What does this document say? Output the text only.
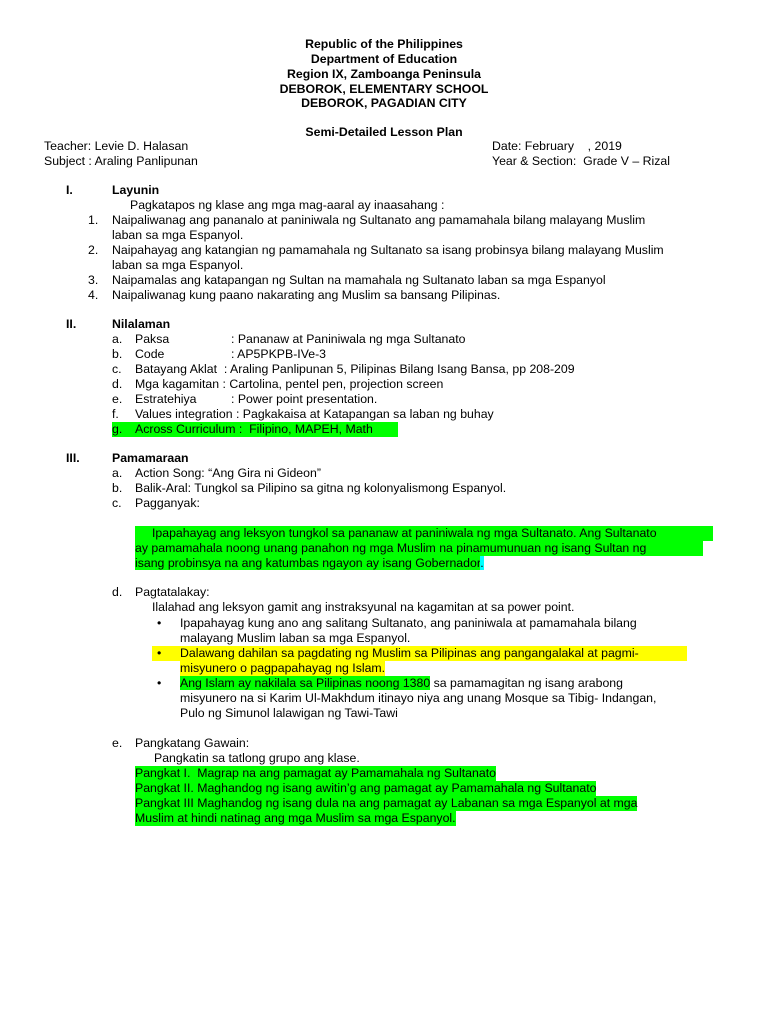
Republic of the Philippines
Department of Education
Region IX, Zamboanga Peninsula
DEBOROK, ELEMENTARY SCHOOL
DEBOROK, PAGADIAN CITY
Semi-Detailed Lesson Plan
Teacher: Levie D. Halasan	Date: February    , 2019
Subject : Araling Panlipunan	Year & Section:  Grade V – Rizal
I.	Layunin
Pagkatapos ng klase ang mga mag-aaral ay inaasahang :
1. Naipaliwanag ang pananalo at paniniwala ng Sultanato ang pamamahala bilang malayang Muslim
laban sa mga Espanyol.
2. Naipahayag ang katangian ng pamamahala ng Sultanato sa isang probinsya bilang malayang Muslim
laban sa mga Espanyol.
3. Naipamalas ang katapangan ng Sultan na mamahala ng Sultanato laban sa mga Espanyol
4. Naipaliwanag kung paano nakarating ang Muslim sa bansang Pilipinas.
II.	Nilalaman
a. Paksa	: Pananaw at Paniniwala ng mga Sultanato
b. Code	: AP5PKPB-IVe-3
c. Batayang Aklat  : Araling Panlipunan 5, Pilipinas Bilang Isang Bansa, pp 208-209
d. Mga kagamitan : Cartolina, pentel pen, projection screen
e. Estratehiya	: Power point presentation.
f. Values integration : Pagkakaisa at Katapangan sa laban ng buhay
g. Across Curriculum :  Filipino, MAPEH, Math
III.	Pamamaraan
a. Action Song: “Ang Gira ni Gideon”
b. Balik-Aral: Tungkol sa Pilipino sa gitna ng kolonyalismong Espanyol.
c. Pagganyak:
Ipapahayag ang leksyon tungkol sa pananaw at paniniwala ng mga Sultanato. Ang Sultanato
ay pamamahala noong unang panahon ng mga Muslim na pinamumunuan ng isang Sultan ng
isang probinsya na ang katumbas ngayon ay isang Gobernador.
d. Pagtatalakay:
Ilalahad ang leksyon gamit ang instraksyunal na kagamitan at sa power point.
• Ipapahayag kung ano ang salitang Sultanato, ang paniniwala at pamamahala bilang
malayang Muslim laban sa mga Espanyol.
• Dalawang dahilan sa pagdating ng Muslim sa Pilipinas ang pangangalakal at pagmi-
misyunero o pagpapahayag ng Islam.
• Ang Islam ay nakilala sa Pilipinas noong 1380 sa pamamagitan ng isang arabong
misyunero na si Karim Ul-Makhdum itinayo niya ang unang Mosque sa Tibig- Indangan,
Pulo ng Simunol lalawigan ng Tawi-Tawi
e. Pangkatang Gawain:
Pangkatin sa tatlong grupo ang klase.
Pangkat I.  Magrap na ang pamagat ay Pamamahala ng Sultanato
Pangkat II. Maghandog ng isang awitin’g ang pamagat ay Pamamahala ng Sultanato
Pangkat III Maghandog ng isang dula na ang pamagat ay Labanan sa mga Espanyol at mga
Muslim at hindi natinag ang mga Muslim sa mga Espanyol.
